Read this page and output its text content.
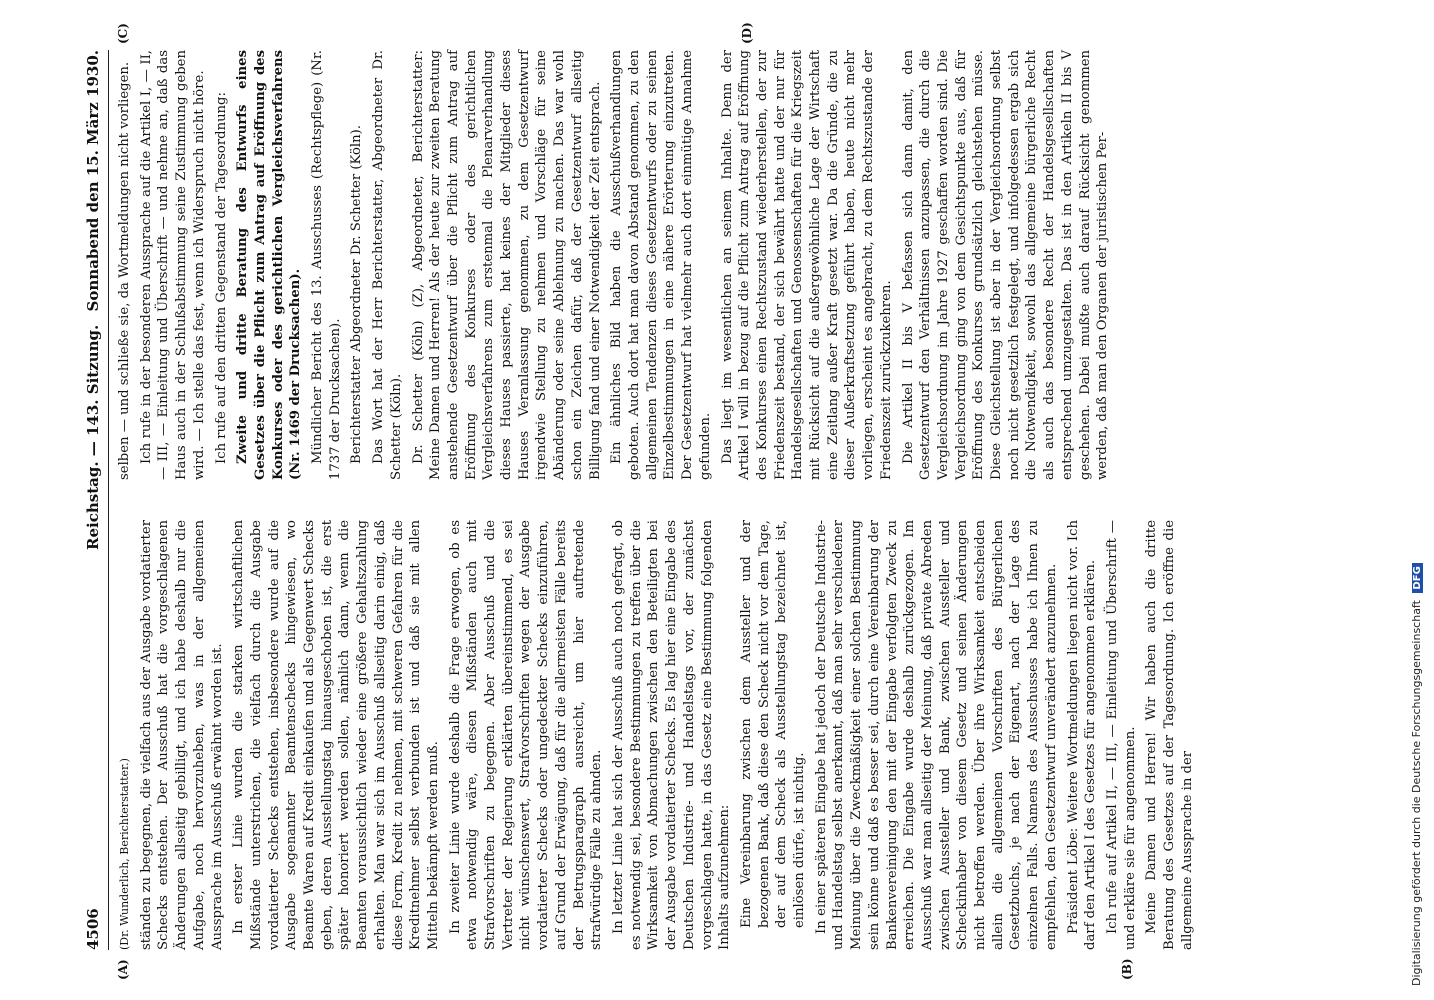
4506
Reichstag. — 143. Sitzung.
Sonnabend den 15. März 1930.

(Dr. Wunderlich, Berichterstatter.) ständen zu begegnen, die vielfach aus der Ausgabe vordatierter Schecks entstehen. Der Ausschuß hat die vorgeschlagenen Änderungen allseitig gebilligt, und ich habe deshalb nur die Aufgabe, noch hervorzuheben, was in der allgemeinen Aussprache im Ausschuß erwähnt worden ist. In erster Linie wurden die starken wirtschaftlichen Mißstände unterstrichen, die vielfach durch die Ausgabe vordatierter Schecks entstehen, insbesondere wurde auf die Ausgabe sogenannter Beamtenschecks hingewiesen, wo Beamte Waren auf Kredit einkaufen und als Gegenwert Schecks geben, deren Ausstellungstag hinausgeschoben ist, die erst später honoriert werden sollen, nämlich dann, wenn die Beamten voraussichtlich wieder eine größere Gehaltszahlung erhalten. Man war sich im Ausschuß allseitig darin einig, daß diese Form, Kredit zu nehmen, mit schweren Gefahren für die Kreditnehmer selbst verbunden ist und daß sie mit allen Mitteln bekämpft werden muß. In zweiter Linie wurde deshalb die Frage erwogen, ob es etwa notwendig wäre, diesen Mißständen auch mit Strafvorschriften zu begegnen. Aber Ausschuß und die Vertreter der Regierung erklärten übereinstimmend, es sei nicht wünschenswert, Strafvorschriften wegen der Ausgabe vordatierter Schecks oder ungedeckter Schecks einzuführen, auf Grund der Erwägung, daß für die allermeisten Fälle bereits der Betrugsparagraph ausreicht, um hier auftretende strafwürdige Fälle zu ahnden. In letzter Linie hat sich der Ausschuß auch noch gefragt, ob es notwendig sei, besondere Bestimmungen zu treffen über die Wirksamkeit von Abmachungen zwischen den Beteiligten bei der Ausgabe vordatierter Schecks. Es lag hier eine Eingabe des Deutschen Industrie- und Handelstags vor, der zunächst vorgeschlagen hatte, in das Gesetz eine Bestimmung folgenden Inhalts aufzunehmen: Eine Vereinbarung zwischen dem Aussteller und der bezogenen Bank, daß diese den Scheck nicht vor dem Tage, der auf dem Scheck als Ausstellungstag bezeichnet ist, einlösen dürfe, ist nichtig. In einer späteren Eingabe hat jedoch der Deutsche Industrie- und Handelstag selbst anerkannt, daß man sehr verschiedener Meinung über die Zweckmäßigkeit einer solchen Bestimmung sein könne und daß es besser sei, durch eine Vereinbarung der Bankenvereinigung den mit der Eingabe verfolgten Zweck zu erreichen. Die Eingabe wurde deshalb zurückgezogen. Im Ausschuß war man allseitig der Meinung, daß private Abreden zwischen Aussteller und Bank, zwischen Aussteller und Scheckinhaber von diesem Gesetz und seinen Änderungen nicht betroffen werden. Über ihre Wirksamkeit entscheiden allein die allgemeinen Vorschriften des Bürgerlichen Gesetzbuchs, je nach der Eigenart, nach der Lage des einzelnen Falls. Namens des Ausschusses habe ich Ihnen zu empfehlen, den Gesetzentwurf unverändert anzunehmen. Präsident Löbe: Weitere Wortmeldungen liegen nicht vor. Ich darf den Artikel I des Gesetzes für angenommen erklären. Ich rufe auf Artikel II, — III, — Einleitung und Überschrift — und erkläre sie für angenommen. Meine Damen und Herren! Wir haben auch die dritte Beratung des Gesetzes auf der Tagesordnung. Ich eröffne die allgemeine Aussprache in der

selben — und schließe sie, da Wortmeldungen nicht vorliegen. Ich rufe in der besonderen Aussprache auf die Artikel I, — II, — III, — Einleitung und Überschrift — und nehme an, daß das Haus auch in der Schlußabstimmung seine Zustimmung geben wird. — Ich stelle das fest, wenn ich Widerspruch nicht höre. Ich rufe auf den dritten Gegenstand der Tagesordnung: Zweite und dritte Beratung des Entwurfs eines Gesetzes über die Pflicht zum Antrag auf Eröffnung des Konkurses oder des gerichtlichen Vergleichsverfahrens (Nr. 1469 der Drucksachen). Mündlicher Bericht des 13. Ausschusses (Rechtspflege) (Nr. 1737 der Drucksachen). Berichterstatter Abgeordneter Dr. Schetter (Köln). Das Wort hat der Herr Berichterstatter, Abgeordneter Dr. Schetter (Köln). Dr. Schetter (Köln) (Z), Abgeordneter, Berichterstatter: Meine Damen und Herren! Als der heute zur zweiten Beratung anstehende Gesetzentwurf über die Pflicht zum Antrag auf Eröffnung des Konkurses oder des gerichtlichen Vergleichsverfahrens zum erstenmal die Plenarverhandlung dieses Hauses passierte, hat keines der Mitglieder dieses Hauses Veranlassung genommen, zu dem Gesetzentwurf irgendwie Stellung zu nehmen und Vorschläge für seine Abänderung oder seine Ablehnung zu machen. Das war wohl schon ein Zeichen dafür, daß der Gesetzentwurf allseitig Billigung fand und einer Notwendigkeit der Zeit entsprach. Ein ähnliches Bild haben die Ausschußverhandlungen geboten. Auch dort hat man davon Abstand genommen, zu den allgemeinen Tendenzen dieses Gesetzentwurfs oder zu seinen Einzelbestimmungen in eine nähere Erörterung einzutreten. Der Gesetzentwurf hat vielmehr auch dort einmütige Annahme gefunden. Das liegt im wesentlichen an seinem Inhalte. Denn der Artikel I will in bezug auf die Pflicht zum Antrag auf Eröffnung des Konkurses einen Rechtszustand wiederherstellen, der zur Friedenszeit bestand, der sich bewährt hatte und der nur für Handelsgesellschaften und Genossenschaften für die Kriegszeit mit Rücksicht auf die außergewöhnliche Lage der Wirtschaft eine Zeitlang außer Kraft gesetzt war. Da die Gründe, die zu dieser Außerkraftsetzung geführt haben, heute nicht mehr vorliegen, erscheint es angebracht, zu dem Rechtszustande der Friedenszeit zurückzukehren. Die Artikel II bis V befassen sich dann damit, den Gesetzentwurf den Verhältnissen anzupassen, die durch die Vergleichsordnung im Jahre 1927 geschaffen worden sind. Die Vergleichsordnung ging von dem Gesichtspunkte aus, daß für Eröffnung des Konkurses grundsätzlich gleichstehen müsse. Diese Gleichstellung ist aber in der Vergleichsordnung selbst noch nicht gesetzlich festgelegt, und infolgedessen ergab sich die Notwendigkeit, sowohl das allgemeine bürgerliche Recht als auch das besondere Recht der Handelsgesellschaften entsprechend umzugestalten. Das ist in den Artikeln II bis V geschehen. Dabei mußte auch darauf Rücksicht genommen werden, daß man den Organen der juristischen Per-

(A)	(B)
(C)	(D)
Digitalisierung gefördert durch die Deutsche Forschungsgemeinschaft DFG
